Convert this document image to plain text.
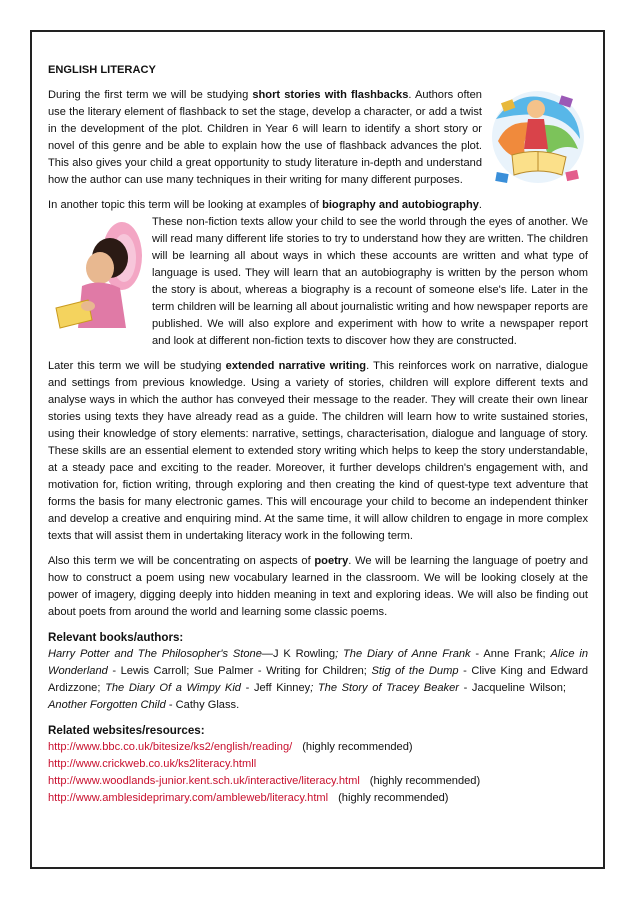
ENGLISH LITERACY

During the first term we will be studying short stories with flashbacks. Authors often use the literary element of flashback to set the stage, develop a character, or add a twist in the development of the plot. Children in Year 6 will learn to identify a short story or novel of this genre and be able to explain how the use of flashback advances the plot. This also gives your child a great opportunity to study literature in-depth and understand how the author can use many techniques in their writing for many different purposes.

In another topic this term will be looking at examples of biography and autobiography
. These non-fiction texts allow your child to see the world through the eyes of another. We will read many different life stories to try to understand how they are written. The children will be learning all about ways in which these accounts are written and what type of language is used. They will learn that an autobiography is written by the person whom the story is about, whereas a biography is a recount of someone else's life. Later in the term children will be learning all about journalistic writing and how newspaper reports are published. We will also explore and experiment with how to write a newspaper report and look at different non-fiction texts to discover how they are constructed.

Later this term we will be studying extended narrative writing. This reinforces work on narrative, dialogue and settings from previous knowledge. Using a variety of stories, children will explore different texts and analyse ways in which the author has conveyed their message to the reader. They will create their own linear stories using texts they have already read as a guide. The children will learn how to write sustained stories, using their knowledge of story elements: narrative, settings, characterisation, dialogue and language of story. These skills are an essential element to extended story writing which helps to keep the story understandable, at a steady pace and exciting to the reader. Moreover, it further develops children's engagement with, and motivation for, fiction writing, through exploring and then creating the kind of quest-type text adventure that forms the basis for many electronic games. This will encourage your child to become an independent thinker and develop a creative and enquiring mind. At the same time, it will allow children to engage in more complex texts that will assist them in undertaking literacy work in the following term.

Also this term we will be concentrating on aspects of poetry. We will be learning the language of poetry and how to construct a poem using new vocabulary learned in the classroom. We will be looking closely at the power of imagery, digging deeply into hidden meaning in text and exploring ideas. We will also be finding out about poets from around the world and learning some classic poems.

Relevant books/authors:
Harry Potter and The Philosopher's Stone—J K Rowling; The Diary of Anne Frank - Anne Frank; Alice in Wonderland - Lewis Carroll; Sue Palmer - Writing for Children; Stig of the Dump - Clive King and Edward Ardizzone; The Diary Of a Wimpy Kid - Jeff Kinney; The Story of Tracey Beaker - Jacqueline Wilson;Another Forgotten Child - Cathy Glass.
Related websites/resources:
http://www.bbc.co.uk/bitesize/ks2/english/reading/ (highly recommended)
http://www.crickweb.co.uk/ks2literacy.htmll
http://www.woodlands-junior.kent.sch.uk/interactive/literacy.html (highly recommended)
http://www.amblesideprimary.com/ambleweb/literacy.html (highly recommended)
